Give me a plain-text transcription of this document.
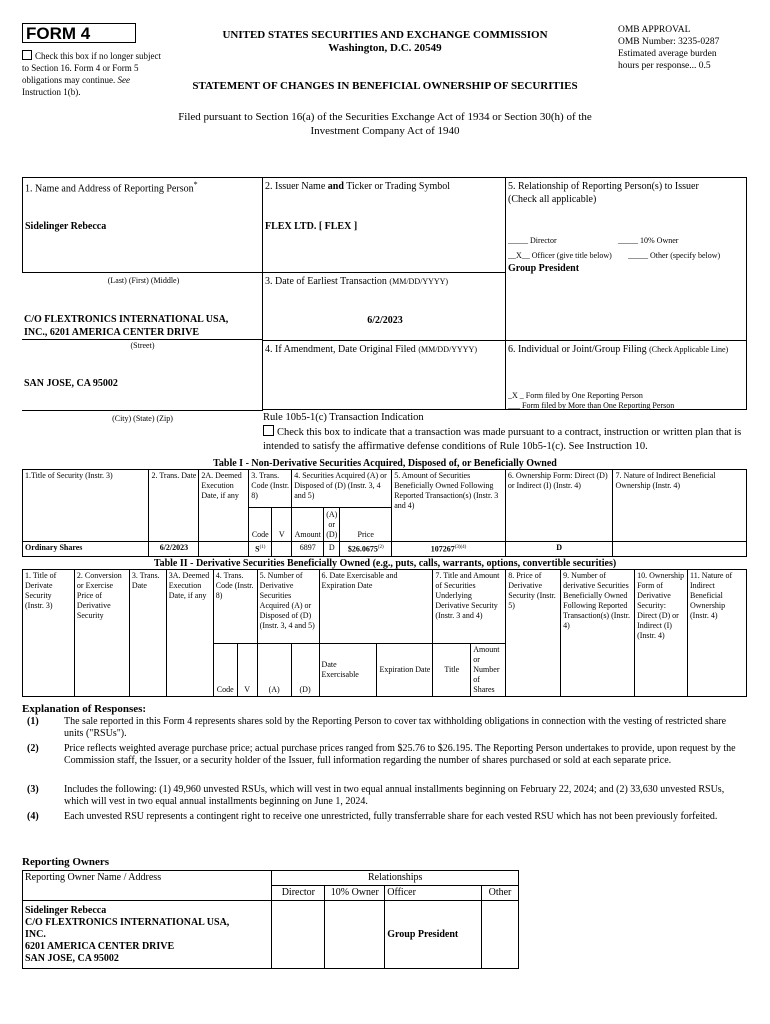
FORM 4
Check this box if no longer subject to Section 16. Form 4 or Form 5 obligations may continue. See Instruction 1(b).
UNITED STATES SECURITIES AND EXCHANGE COMMISSION
Washington, D.C. 20549
OMB APPROVAL
OMB Number: 3235-0287
Estimated average burden
hours per response... 0.5
STATEMENT OF CHANGES IN BENEFICIAL OWNERSHIP OF SECURITIES
Filed pursuant to Section 16(a) of the Securities Exchange Act of 1934 or Section 30(h) of the
Investment Company Act of 1940
1. Name and Address of Reporting Person*
Sidelinger Rebecca
(Last) (First) (Middle)
C/O FLEXTRONICS INTERNATIONAL USA,
INC., 6201 AMERICA CENTER DRIVE
(Street)
SAN JOSE, CA 95002
(City) (State) (Zip)
2. Issuer Name and Ticker or Trading Symbol
FLEX LTD. [ FLEX ]
3. Date of Earliest Transaction (MM/DD/YYYY)
6/2/2023
4. If Amendment, Date Original Filed (MM/DD/YYYY)
5. Relationship of Reporting Person(s) to Issuer
(Check all applicable)
_____ Director	_____ 10% Owner
__X__ Officer (give title below) _____ Other (specify below)
Group President
6. Individual or Joint/Group Filing (Check Applicable Line)
_X _ Form filed by One Reporting Person
___ Form filed by More than One Reporting Person
Rule 10b5-1(c) Transaction Indication
Check this box to indicate that a transaction was made pursuant to a contract, instruction or written plan that is intended to satisfy the affirmative defense conditions of Rule 10b5-1(c). See Instruction 10.
Table I - Non-Derivative Securities Acquired, Disposed of, or Beneficially Owned
1.Title of Security (Instr. 3)	2. Trans. Date	2A. Deemed Execution Date, if any	3. Trans. Code (Instr. 8)		4. Securities Acquired (A) or Disposed of (D) (Instr. 3, 4 and 5)			5. Amount of Securities Beneficially Owned Following Reported Transaction(s) (Instr. 3 and 4)	6. Ownership Form: Direct (D) or Indirect (I) (Instr. 4)	7. Nature of Indirect Beneficial Ownership (Instr. 4)
			Code	V	Amount	(A) or (D)	Price			
Ordinary Shares	6/2/2023		$S^{(1)}$		6897	D	$26.0675$^{(2)}$	$107267^{(3)(4)}$	D	
Table II - Derivative Securities Beneficially Owned (e.g., puts, calls, warrants, options, convertible securities)
1. Title of Derivate Security (Instr. 3)	2. Conversion or Exercise Price of Derivative Security	3. Trans. Date	3A. Deemed Execution Date, if any	4. Trans. Code (Instr. 8)		5. Number of Derivative Securities Acquired (A) or Disposed of (D) (Instr. 3, 4 and 5)		6. Date Exercisable and Expiration Date		7. Title and Amount of Securities Underlying Derivative Security (Instr. 3 and 4)		8. Price of Derivative Security (Instr. 5)	9. Number of derivative Securities Beneficially Owned Following Reported Transaction(s) (Instr. 4)	10. Ownership Form of Derivative Security: Direct (D) or Indirect (I) (Instr. 4)	11. Nature of Indirect Beneficial Ownership (Instr. 4)
				Code	V	(A)	(D)	Date Exercisable	Expiration Date	Title	Amount or Number of Shares				
Explanation of Responses:
(1)	The sale reported in this Form 4 represents shares sold by the Reporting Person to cover tax withholding obligations in connection with the vesting of restricted share units ("RSUs").
(2)	Price reflects weighted average purchase price; actual purchase prices ranged from $25.76 to $26.195. The Reporting Person undertakes to provide, upon request by the Commission staff, the Issuer, or a security holder of the Issuer, full information regarding the number of shares purchased or sold at each separate price.
(3)	Includes the following: (1) 49,960 unvested RSUs, which will vest in two equal annual installments beginning on February 22, 2024; and (2) 33,630 unvested RSUs, which will vest in two equal annual installments beginning on June 1, 2024.
(4)	Each unvested RSU represents a contingent right to receive one unrestricted, fully transferrable share for each vested RSU which has not been previously forfeited.
Reporting Owners
Reporting Owner Name / Address	Relationships			
	Director	10% Owner	Officer	Other

Sidelinger Rebecca
C/O FLEXTRONICS INTERNATIONAL USA,
INC.
6201 AMERICA CENTER DRIVE
SAN JOSE, CA 95002			Group President	
